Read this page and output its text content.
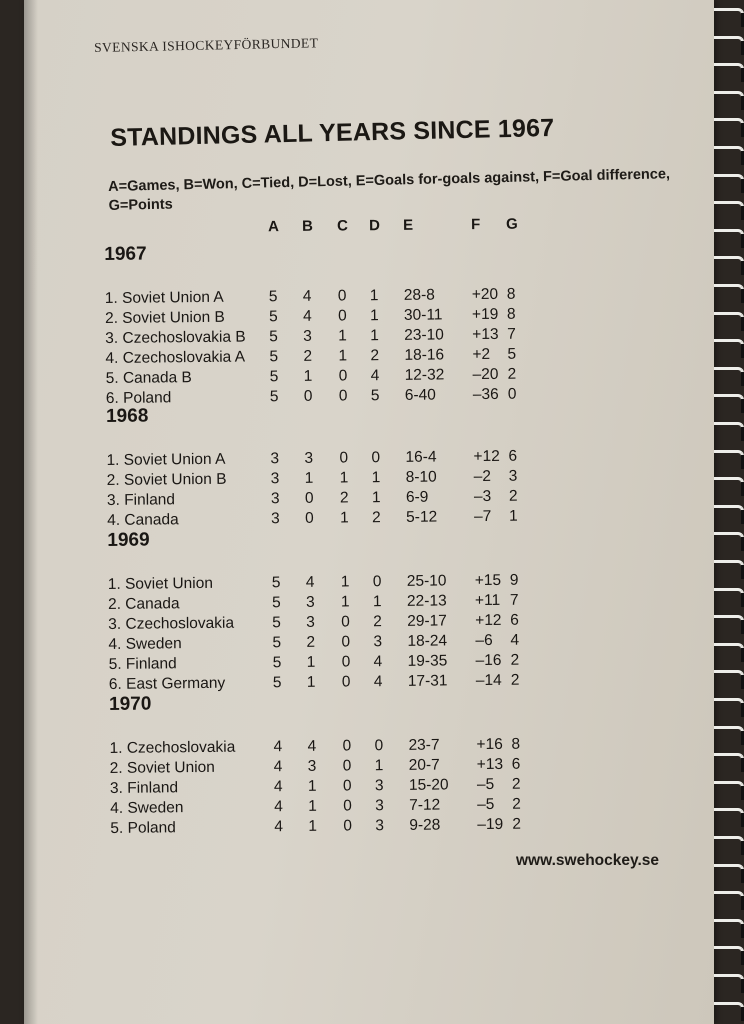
SVENSKA ISHOCKEYFÖRBUNDET
STANDINGS ALL YEARS SINCE 1967
A=Games, B=Won, C=Tied, D=Lost, E=Goals for-goals against, F=Goal difference, G=Points
A B C D E	F G
1967
1. Soviet Union A	5 4 0 1 28-8 +20 8
2. Soviet Union B	5 4 0 1 30-11 +19 8
3. Czechoslovakia B 5 3 1 1 23-10 +13 7
4. Czechoslovakia A 5 2 1 2 18-16 +2 5
5. Canada B	5 1 0 4 12-32 –20 2
6. Poland	5 0 0 5 6-40 –36 0
1968
1. Soviet Union A	3 3 0 0 16-4 +12 6
2. Soviet Union B	3 1 1 1 8-10 –2 3
3. Finland	3 0 2 1 6-9	–3 2
4. Canada	3 0 1 2 5-12 –7 1
1969
1. Soviet Union	5 4 1 0 25-10 +15 9
2. Canada	5 3 1 1 22-13 +11 7
3. Czechoslovakia 5 3 0 2 29-17 +12 6
4. Sweden	5 2 0 3 18-24 –6 4
5. Finland	5 1 0 4 19-35 –16 2
6. East Germany	5 1 0 4 17-31 –14 2
1970
1. Czechoslovakia 4 4 0 0 23-7 +16 8
2. Soviet Union	4 3 0 1 20-7 +13 6
3. Finland	4 1 0 3 15-20 –5 2
4. Sweden	4 1 0 3 7-12 –5 2
5. Poland	4 1 0 3 9-28 –19 2
www.swehockey.se
